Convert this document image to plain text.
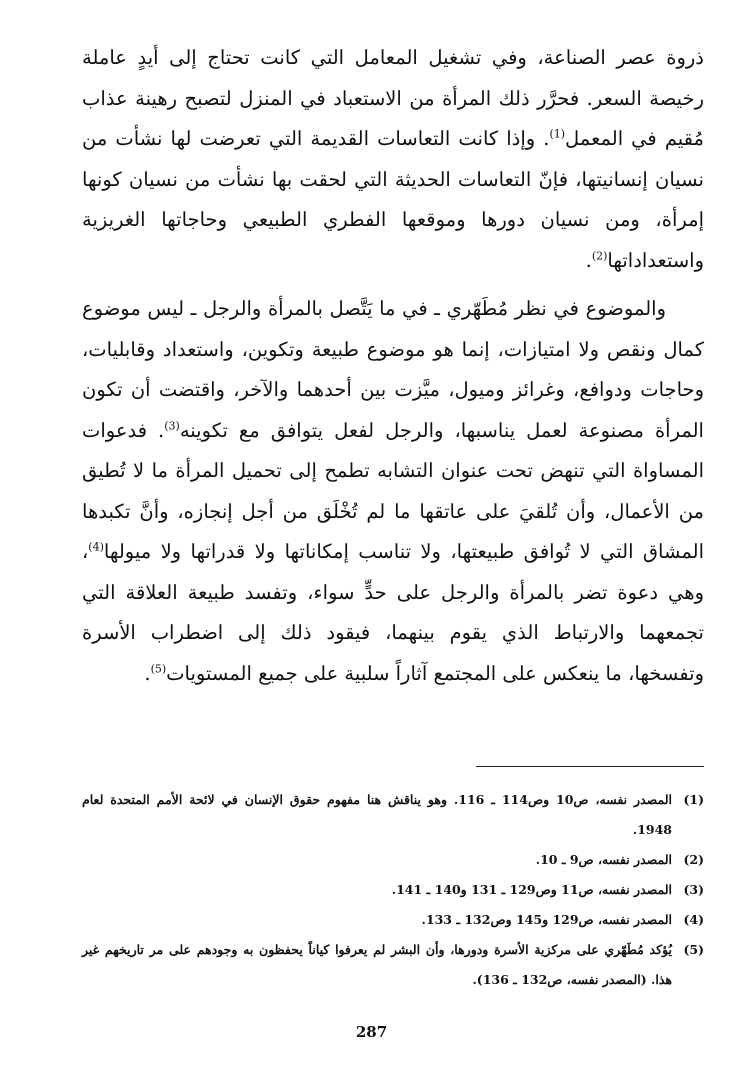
ذروة عصر الصناعة، وفي تشغيل المعامل التي كانت تحتاج إلى أيدٍ عاملة رخيصة السعر. فحرَّر ذلك المرأة من الاستعباد في المنزل لتصبح رهينة عذاب مُقيم في المعمل$^{(1)}$. وإذا كانت التعاسات القديمة التي تعرضت لها نشأت من نسيان إنسانيتها، فإنّ التعاسات الحديثة التي لحقت بها نشأت من نسيان كونها إمرأة، ومن نسيان دورها وموقعها الفطري الطبيعي وحاجاتها الغريزية واستعداداتها$^{(2)}$.

والموضوع في نظر مُطَهّري ـ في ما يَتَّصل بالمرأة والرجل ـ ليس موضوع كمال ونقص ولا امتيازات، إنما هو موضوع طبيعة وتكوين، واستعداد وقابليات، وحاجات ودوافع، وغرائز وميول، ميَّزت بين أحدهما والآخر، واقتضت أن تكون المرأة مصنوعة لعمل يناسبها، والرجل لفعل يتوافق مع تكوينه$^{(3)}$. فدعوات المساواة التي تنهض تحت عنوان التشابه تطمح إلى تحميل المرأة ما لا تُطيق من الأعمال، وأن تُلقيَ على عاتقها ما لم تُخْلَق من أجل إنجازه، وأنَّ تكبدها المشاق التي لا تُوافق طبيعتها، ولا تناسب إمكاناتها ولا قدراتها ولا ميولها$^{(4)}$، وهي دعوة تضر بالمرأة والرجل على حدٍّ سواء، وتفسد طبيعة العلاقة التي تجمعهما والارتباط الذي يقوم بينهما، فيقود ذلك إلى اضطراب الأسرة وتفسخها، ما ينعكس على المجتمع آثاراً سلبية على جميع المستويات$^{(5)}$.

(1)
المصدر نفسه، ص10 وص114 ـ 116. وهو يناقش هنا مفهوم حقوق الإنسان في لائحة الأمم المتحدة لعام 1948.
(2)
المصدر نفسه، ص9 ـ 10.
(3)
المصدر نفسه، ص11 وص129 ـ 131 و140 ـ 141.
(4)
المصدر نفسه، ص129 و145 وص132 ـ 133.
(5)
يُؤكد مُطَهّري على مركزية الأسرة ودورها، وأن البشر لم يعرفوا كياناً يحفظون به وجودهم على مر تاريخهم غير هذا. (المصدر نفسه، ص132 ـ 136).
287
